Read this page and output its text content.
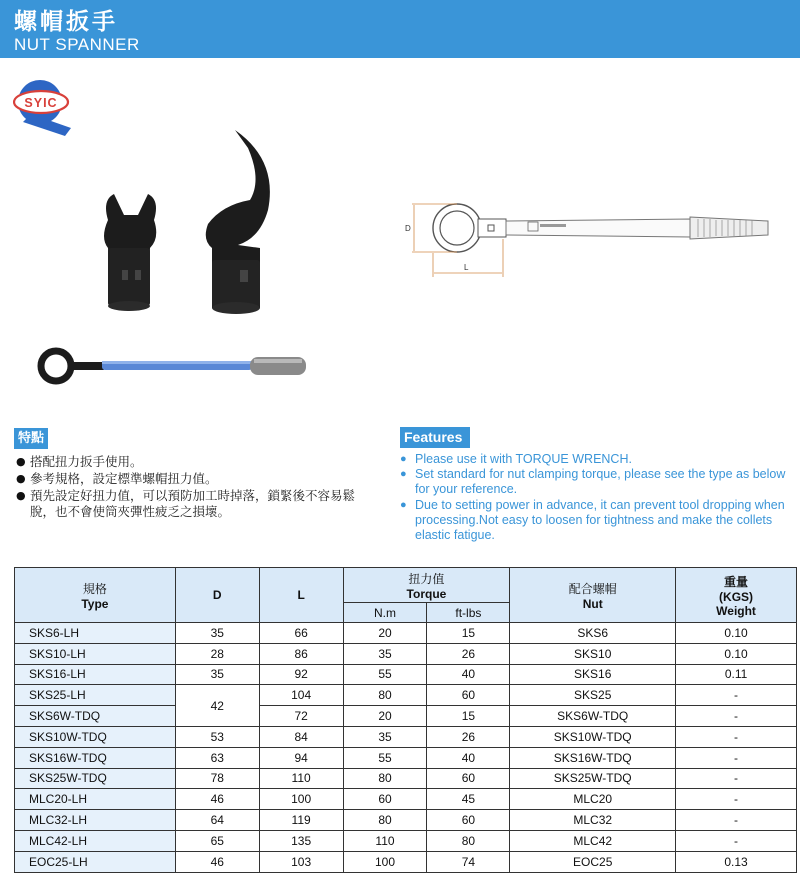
螺帽扳手
NUT SPANNER
SYIC
D
L
特點
● 搭配扭力扳手使用。
● 參考規格，設定標準螺帽扭力值。
● 預先設定好扭力值，可以預防加工時掉落，鎖緊後不容易鬆脫，也不會使筒夾彈性疲乏之損壞。
Features
● Please use it with TORQUE WRENCH.
● Set standard for nut clamping torque, please see the type as below for your reference.
● Due to setting power in advance, it can prevent tool dropping when processing.Not easy to loosen for tightness and make the collets elastic fatigue.
規格
Type	D	L	扭力值
Torque		配合螺帽
Nut	重量
(KGS)
Weight

			N.m	ft-lbs		
SKS6-LH	35	66	20	15	SKS6	0.10
SKS10-LH	28	86	35	26	SKS10	0.10
SKS16-LH	35	92	55	40	SKS16	0.11
SKS25-LH	42	104	80	60	SKS25	-
SKS6W-TDQ		72	20	15	SKS6W-TDQ	-
SKS10W-TDQ	53	84	35	26	SKS10W-TDQ	-
SKS16W-TDQ	63	94	55	40	SKS16W-TDQ	-
SKS25W-TDQ	78	110	80	60	SKS25W-TDQ	-
MLC20-LH	46	100	60	45	MLC20	-
MLC32-LH	64	119	80	60	MLC32	-
MLC42-LH	65	135	110	80	MLC42	-
EOC25-LH	46	103	100	74	EOC25	0.13
